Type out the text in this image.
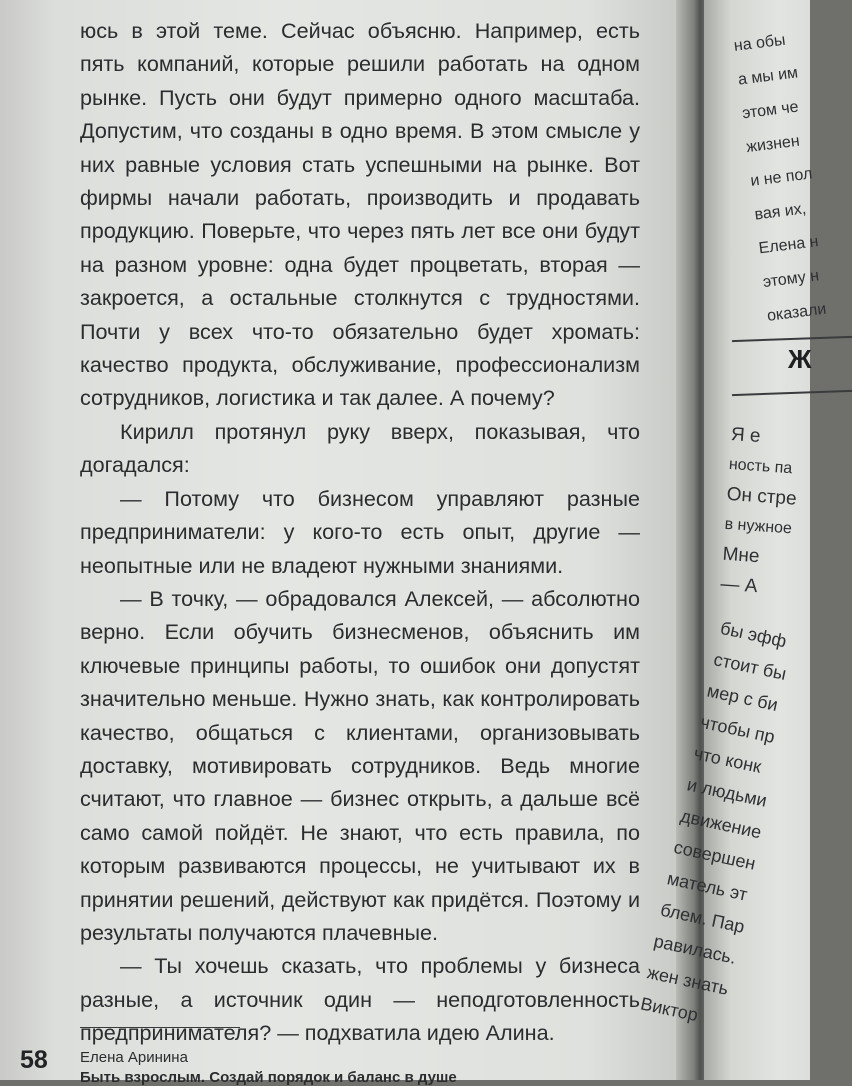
юсь в этой теме. Сейчас объясню. Например, есть пять компаний, которые решили работать на одном рынке. Пусть они будут примерно одного масштаба. Допустим, что созданы в одно время. В этом смысле у них равные условия стать успешными на рынке. Вот фирмы начали работать, производить и продавать продукцию. Поверьте, что через пять лет все они будут на разном уровне: одна будет процветать, вторая — закроется, а остальные столкнутся с трудностями. Почти у всех что-то обязательно будет хромать: качество продукта, обслуживание, профессионализм сотрудников, логистика и так далее. А почему?

Кирилл протянул руку вверх, показывая, что догадался:

— Потому что бизнесом управляют разные предприниматели: у кого-то есть опыт, другие — неопытные или не владеют нужными знаниями.

— В точку, — обрадовался Алексей, — абсолютно верно. Если обучить бизнесменов, объяснить им ключевые принципы работы, то ошибок они допустят значительно меньше. Нужно знать, как контролировать качество, общаться с клиентами, организовывать доставку, мотивировать сотрудников. Ведь многие считают, что главное — бизнес открыть, а дальше всё само самой пойдёт. Не знают, что есть правила, по которым развиваются процессы, не учитывают их в принятии решений, действуют как придётся. Поэтому и результаты получаются плачевные.

— Ты хочешь сказать, что проблемы у бизнеса разные, а источник один — неподготовленность предпринимателя? — подхватила идею Алина.

58 Елена Аринина
Быть взрослым. Создай порядок и баланс в душе
на обы
а мы им
этом че
жизнен
и не пол
вая их,
Елена н
этому н
оказали
Ж
Я е
ность па
Он стре
в нужное
Мне
— А
бы эфф
стоит бы
мер с би
чтобы пр
что конк
и людьми
движение
совершен
матель эт
блем. Пар
равилась.
жен знать
Виктор
